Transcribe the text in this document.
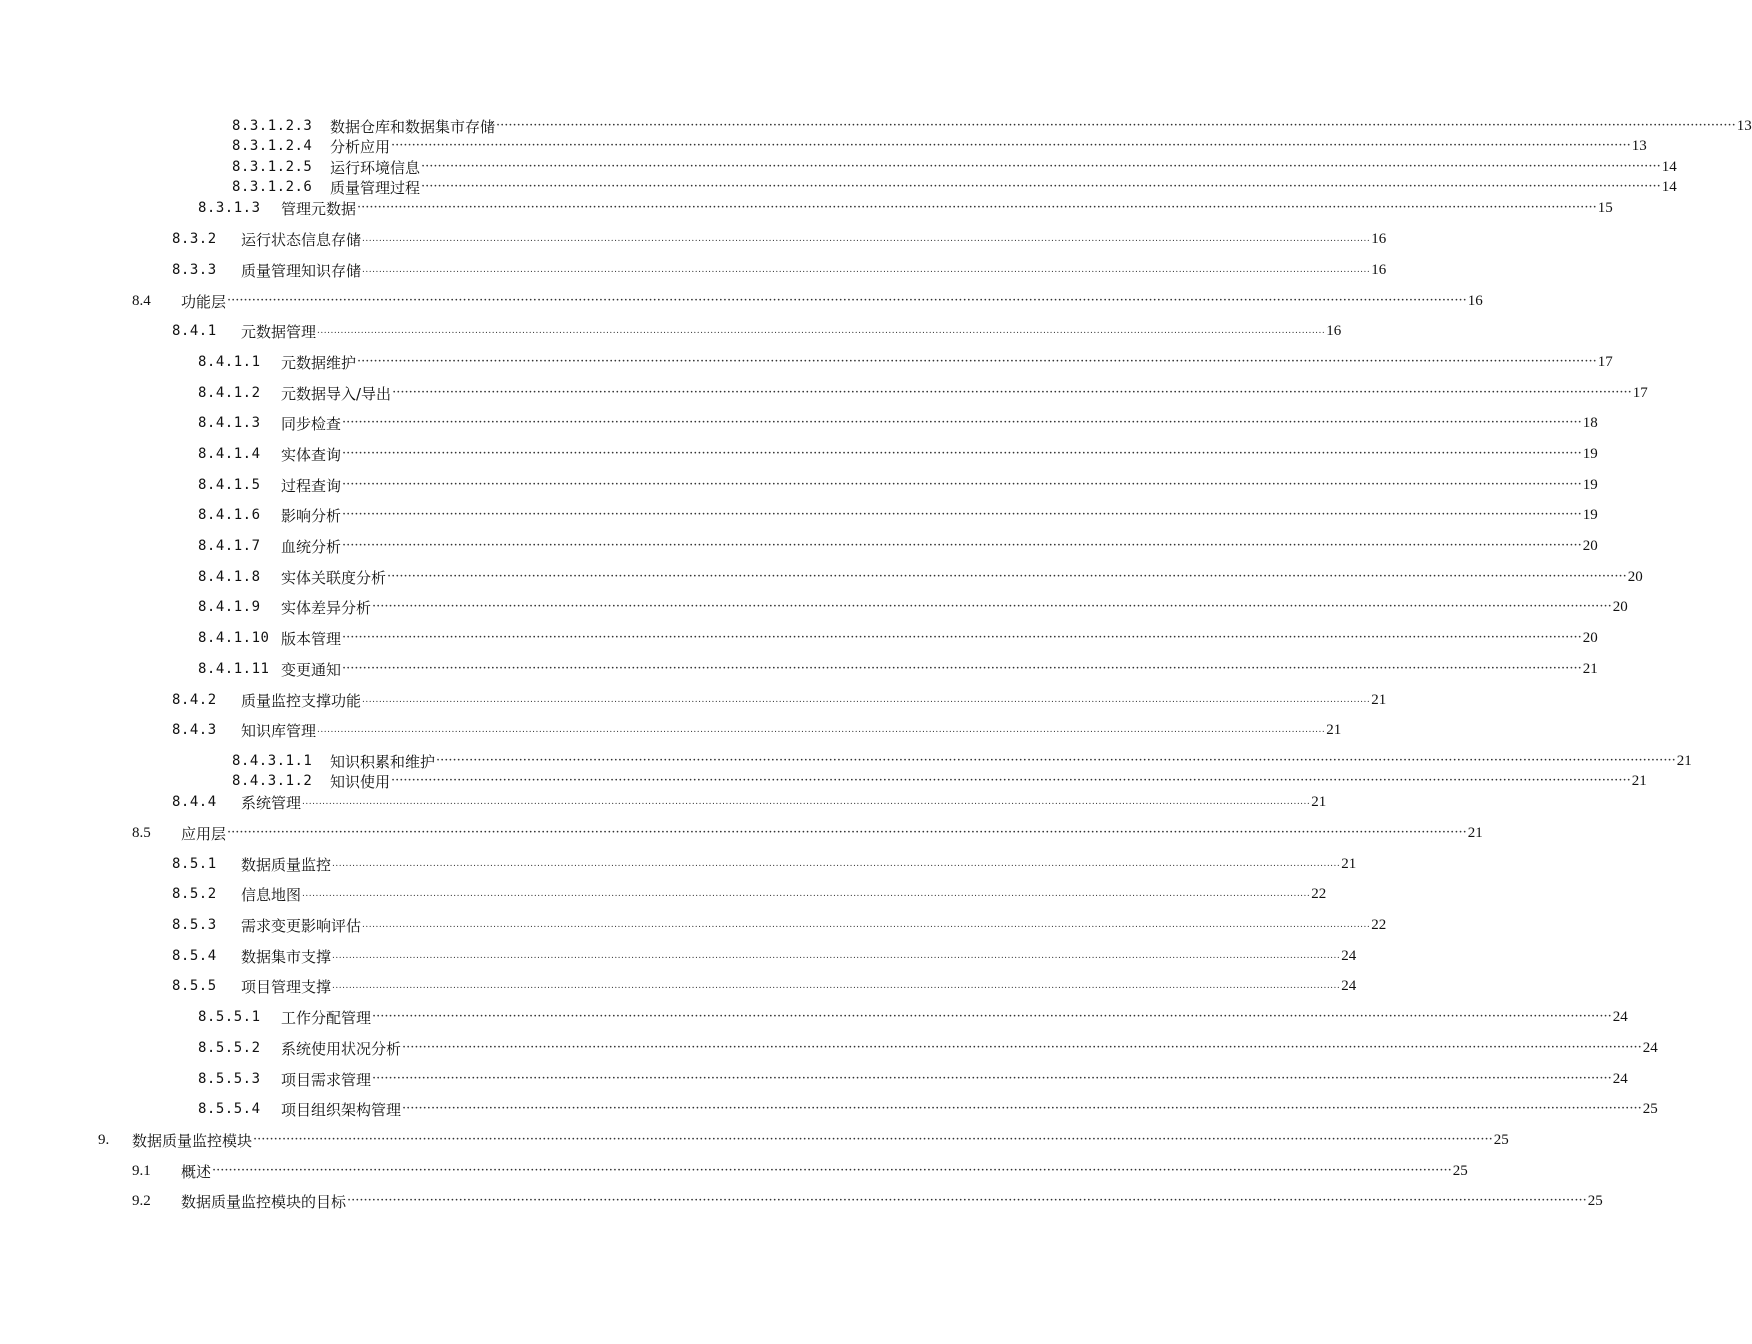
8.3.1.2.3	数据仓库和数据集市存储 ············································································································································································································································································································ 13
8.3.1.2.4	分析应用 ············································································································································································································································································································ 13
8.3.1.2.5	运行环境信息 ············································································································································································································································································································ 14
8.3.1.2.6	质量管理过程 ············································································································································································································································································································ 14
8.3.1.3	管理元数据 ············································································································································································································································································································ 15
8.3.2	运行状态信息存储 ............................................................................................................................................................................................................................................................................................................ 16
8.3.3	质量管理知识存储 ............................................................................................................................................................................................................................................................................................................ 16
8.4	功能层 ············································································································································································································································································································ 16
8.4.1	元数据管理 ............................................................................................................................................................................................................................................................................................................ 16
8.4.1.1	元数据维护 ············································································································································································································································································································ 17
8.4.1.2	元数据导入/导出 ············································································································································································································································································································ 17
8.4.1.3	同步检查 ············································································································································································································································································································ 18
8.4.1.4	实体查询 ············································································································································································································································································································ 19
8.4.1.5	过程查询 ············································································································································································································································································································ 19
8.4.1.6	影响分析 ············································································································································································································································································································ 19
8.4.1.7	血统分析 ············································································································································································································································································································ 20
8.4.1.8	实体关联度分析 ············································································································································································································································································································ 20
8.4.1.9	实体差异分析 ············································································································································································································································································································ 20
8.4.1.10 版本管理 ············································································································································································································································································································ 20
8.4.1.11 变更通知 ············································································································································································································································································································ 21
8.4.2	质量监控支撑功能 ............................................................................................................................................................................................................................................................................................................ 21
8.4.3	知识库管理 ............................................................................................................................................................................................................................................................................................................ 21
8.4.3.1.1	知识积累和维护 ············································································································································································································································································································ 21
8.4.3.1.2	知识使用 ············································································································································································································································································································ 21
8.4.4	系统管理 ............................................................................................................................................................................................................................................................................................................ 21
8.5	应用层 ············································································································································································································································································································ 21
8.5.1	数据质量监控 ............................................................................................................................................................................................................................................................................................................ 21
8.5.2	信息地图 ............................................................................................................................................................................................................................................................................................................ 22
8.5.3	需求变更影响评估 ............................................................................................................................................................................................................................................................................................................ 22
8.5.4	数据集市支撑 ............................................................................................................................................................................................................................................................................................................ 24
8.5.5	项目管理支撑 ............................................................................................................................................................................................................................................................................................................ 24
8.5.5.1	工作分配管理 ············································································································································································································································································································ 24
8.5.5.2	系统使用状况分析 ············································································································································································································································································································ 24
8.5.5.3	项目需求管理 ············································································································································································································································································································ 24
8.5.5.4	项目组织架构管理 ············································································································································································································································································································ 25
9.	数据质量监控模块 ············································································································································································································································································································ 25
9.1	概述 ············································································································································································································································································································ 25
9.2	数据质量监控模块的目标 ············································································································································································································································································································ 25
